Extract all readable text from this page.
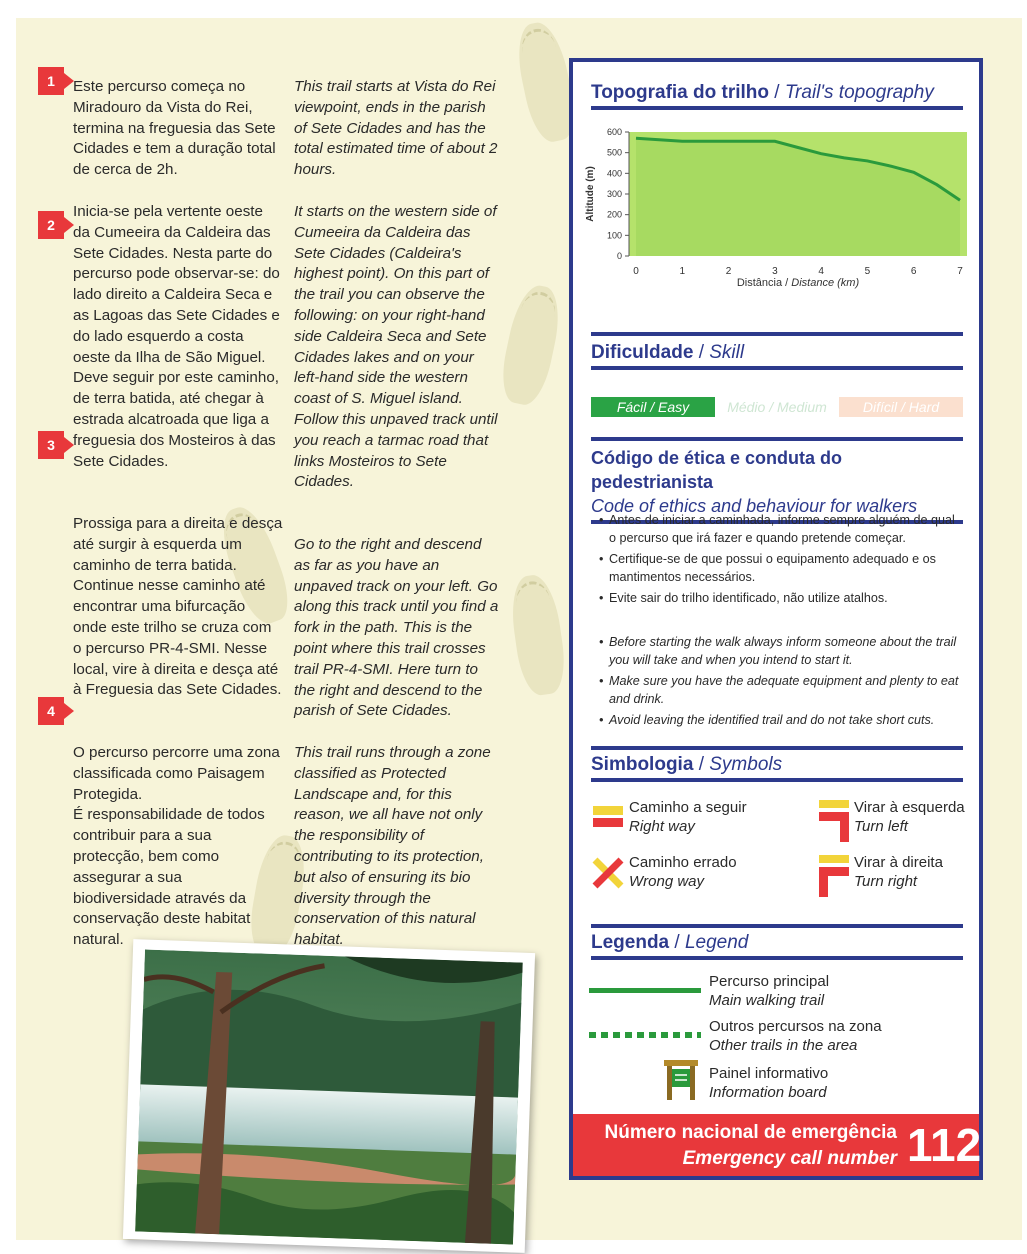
1
2
3
4

Este percurso começa no Miradouro da Vista do Rei, termina na freguesia das Sete Cidades e tem a duração total de cerca de 2h.

Inicia-se pela vertente oeste da Cumeeira da Caldeira das Sete Cidades. Nesta parte do percurso pode observar-se: do lado direito a Caldeira Seca e as Lagoas das Sete Cidades e do lado esquerdo a costa oeste da Ilha de São Miguel. Deve seguir por este caminho, de terra batida, até chegar à estrada alcatroada que liga a freguesia dos Mosteiros à das Sete Cidades.

Prossiga para a direita e desça até surgir à esquerda um caminho de terra batida. Continue nesse caminho até encontrar uma bifurcação onde este trilho se cruza com o percurso PR-4-SMI. Nesse local, vire à direita e desça até à Freguesia das Sete Cidades.

O percurso percorre uma zona classificada como Paisagem Protegida.
É responsabilidade de todos contribuir para a sua protecção, bem como assegurar a sua biodiversidade através da conservação deste habitat natural.

This trail starts at Vista do Rei viewpoint, ends in the parish of Sete Cidades and has the total estimated time of about 2 hours.

It starts on the western side of Cumeeira da Caldeira das Sete Cidades (Caldeira's highest point). On this part of the trail you can observe the following: on your right-hand side Caldeira Seca and Sete Cidades lakes and on your left-hand side the western coast of S. Miguel island. Follow this unpaved track until you reach a tarmac road that links Mosteiros to Sete Cidades.

Go to the right and descend as far as you have an unpaved track on your left. Go along this track until you find a fork in the path. This is the point where this trail crosses trail PR-4-SMI. Here turn to the right and descend to the parish of Sete Cidades.

This trail runs through a zone classified as Protected Landscape and, for this reason, we all have not only the responsibility of contributing to its protection, but also of ensuring its bio diversity through the conservation of this natural habitat.

Topografia do trilho / Trail's topography
0
100
200
300
400
500
600
0	1	2	3	4	5	6	7
Altitude (m)
Distância / Distance (km)
Dificuldade / Skill
Fácil / Easy	Médio / Medium	Difícil / Hard
Código de ética e conduta do pedestrianista
Code of ethics and behaviour for walkers
• Antes de iniciar a caminhada, informe sempre alguém de qual o percurso que irá fazer e quando pretende começar.
• Certifique-se de que possui o equipamento adequado e os mantimentos necessários.
• Evite sair do trilho identificado, não utilize atalhos.
• Before starting the walk always inform someone about the trail you will take and when you intend to start it.
• Make sure you have the adequate equipment and plenty to eat and drink.
• Avoid leaving the identified trail and do not take short cuts.
Simbologia / Symbols
Caminho a seguir
Right way
Virar à esquerda
Turn left
Caminho errado
Wrong way
Virar à direita
Turn right
Legenda / Legend
Percurso principal
Main walking trail
Outros percursos na zona
Other trails in the area
Painel informativo
Information board
Número nacional de emergência
Emergency call number 112
